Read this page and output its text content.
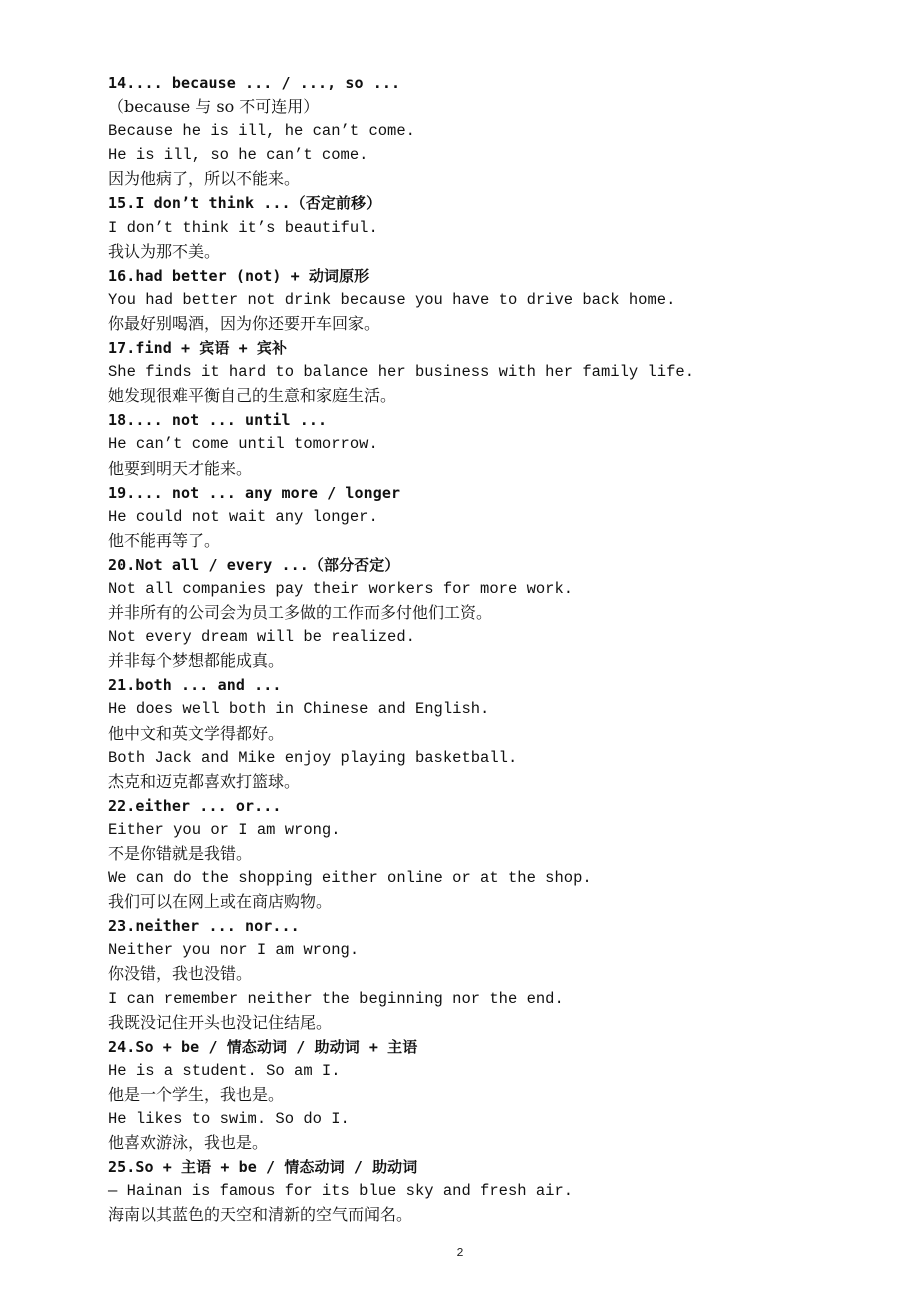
14.... because ... / ..., so ...
（because 与 so 不可连用）
Because he is ill, he can’t come.
He is ill, so he can’t come.
因为他病了，所以不能来。
15.I don’t think ...（否定前移）
I don’t think it’s beautiful.
我认为那不美。
16.had better (not) + 动词原形
You had better not drink because you have to drive back home.
你最好别喝酒，因为你还要开车回家。
17.find + 宾语 + 宾补
She finds it hard to balance her business with her family life.
她发现很难平衡自己的生意和家庭生活。
18.... not ... until ...
He can’t come until tomorrow.
他要到明天才能来。
19.... not ... any more / longer
He could not wait any longer.
他不能再等了。
20.Not all / every ...（部分否定）
Not all companies pay their workers for more work.
并非所有的公司会为员工多做的工作而多付他们工资。
Not every dream will be realized.
并非每个梦想都能成真。
21.both ... and ...
He does well both in Chinese and English.
他中文和英文学得都好。
Both Jack and Mike enjoy playing basketball.
杰克和迈克都喜欢打篮球。
22.either ... or...
Either you or I am wrong.
不是你错就是我错。
We can do the shopping either online or at the shop.
我们可以在网上或在商店购物。
23.neither ... nor...
Neither you nor I am wrong.
你没错，我也没错。
I can remember neither the beginning nor the end.
我既没记住开头也没记住结尾。
24.So + be / 情态动词 / 助动词 + 主语
He is a student. So am I.
他是一个学生，我也是。
He likes to swim. So do I.
他喜欢游泳，我也是。
25.So + 主语 + be / 情态动词 / 助动词
— Hainan is famous for its blue sky and fresh air.
海南以其蓝色的天空和清新的空气而闻名。
2
